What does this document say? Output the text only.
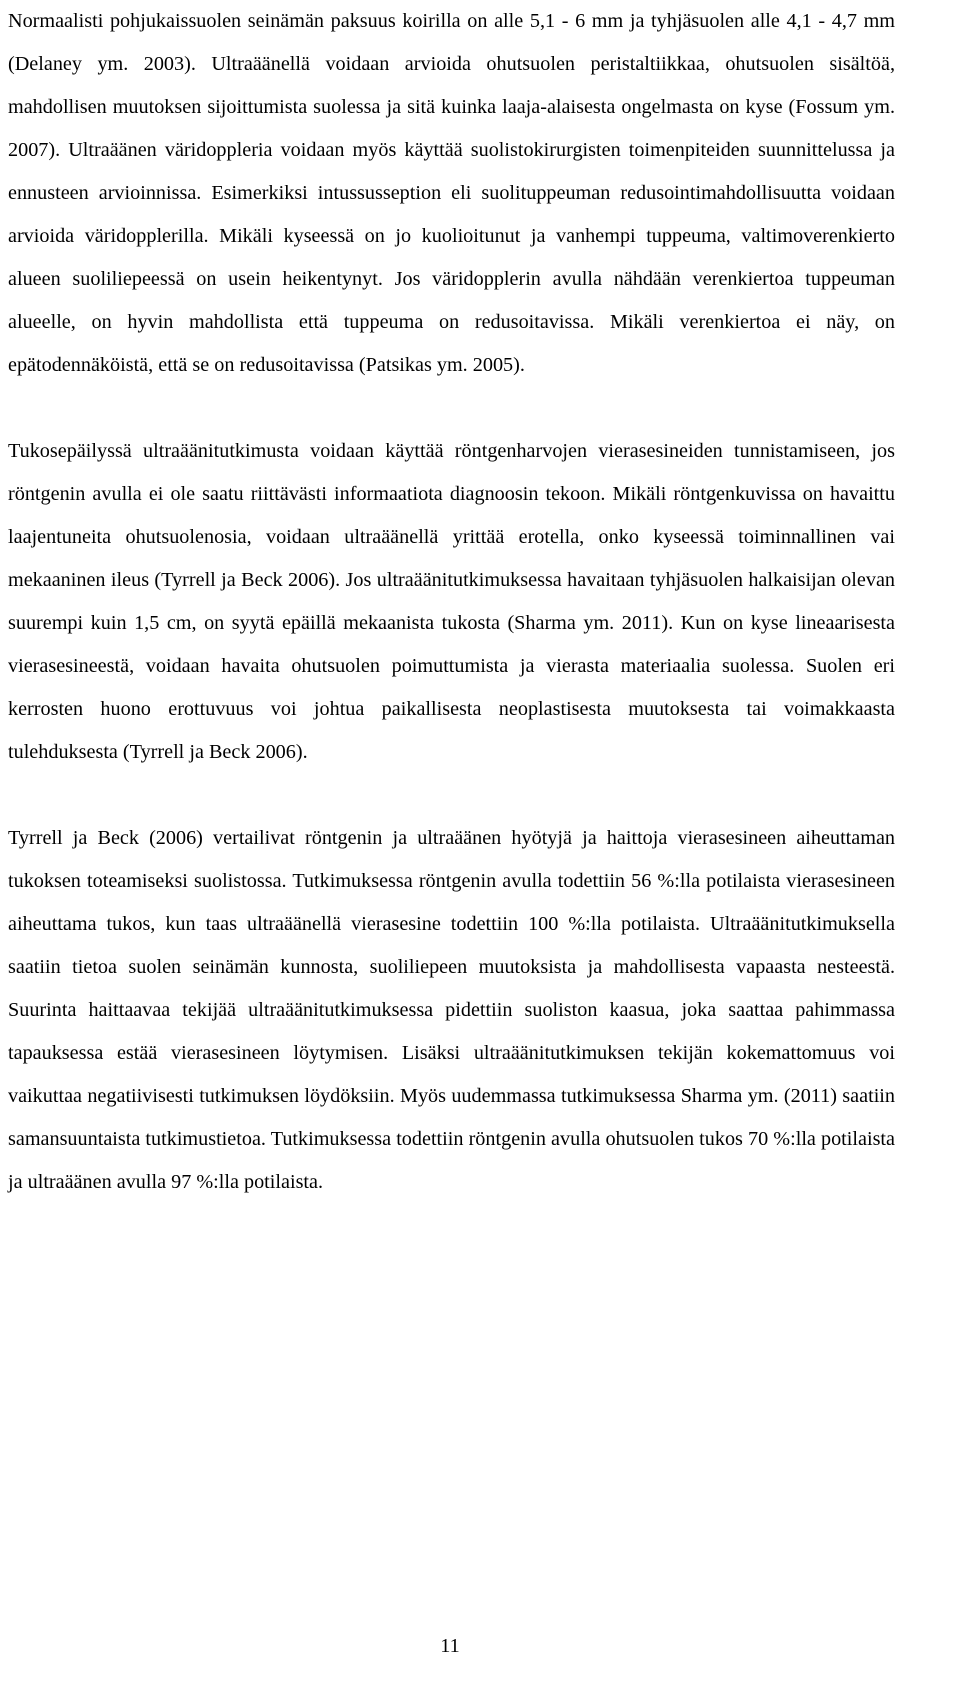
Normaalisti pohjukaissuolen seinämän paksuus koirilla on alle 5,1 - 6 mm ja tyhjäsuolen alle 4,1 - 4,7 mm (Delaney ym. 2003). Ultraäänellä voidaan arvioida ohutsuolen peristaltiikkaa, ohutsuolen sisältöä, mahdollisen muutoksen sijoittumista suolessa ja sitä kuinka laaja-alaisesta ongelmasta on kyse (Fossum ym. 2007). Ultraäänen väridoppleria voidaan myös käyttää suolistokirurgisten toimenpiteiden suunnittelussa ja ennusteen arvioinnissa. Esimerkiksi intussusseption eli suolituppeuman redusointimahdollisuutta voidaan arvioida väridopplerilla. Mikäli kyseessä on jo kuolioitunut ja vanhempi tuppeuma, valtimoverenkierto alueen suoliliepeessä on usein heikentynyt. Jos väridopplerin avulla nähdään verenkiertoa tuppeuman alueelle, on hyvin mahdollista että tuppeuma on redusoitavissa. Mikäli verenkiertoa ei näy, on epätodennäköistä, että se on redusoitavissa (Patsikas ym. 2005).

Tukosepäilyssä ultraäänitutkimusta voidaan käyttää röntgenharvojen vierasesineiden tunnistamiseen, jos röntgenin avulla ei ole saatu riittävästi informaatiota diagnoosin tekoon. Mikäli röntgenkuvissa on havaittu laajentuneita ohutsuolenosia, voidaan ultraäänellä yrittää erotella, onko kyseessä toiminnallinen vai mekaaninen ileus (Tyrrell ja Beck 2006). Jos ultraäänitutkimuksessa havaitaan tyhjäsuolen halkaisijan olevan suurempi kuin 1,5 cm, on syytä epäillä mekaanista tukosta (Sharma ym. 2011). Kun on kyse lineaarisesta vierasesineestä, voidaan havaita ohutsuolen poimuttumista ja vierasta materiaalia suolessa. Suolen eri kerrosten huono erottuvuus voi johtua paikallisesta neoplastisesta muutoksesta tai voimakkaasta tulehduksesta (Tyrrell ja Beck 2006).

Tyrrell ja Beck (2006) vertailivat röntgenin ja ultraäänen hyötyjä ja haittoja vierasesineen aiheuttaman tukoksen toteamiseksi suolistossa. Tutkimuksessa röntgenin avulla todettiin 56 %:lla potilaista vierasesineen aiheuttama tukos, kun taas ultraäänellä vierasesine todettiin 100 %:lla potilaista. Ultraäänitutkimuksella saatiin tietoa suolen seinämän kunnosta, suoliliepeen muutoksista ja mahdollisesta vapaasta nesteestä. Suurinta haittaavaa tekijää ultraäänitutkimuksessa pidettiin suoliston kaasua, joka saattaa pahimmassa tapauksessa estää vierasesineen löytymisen. Lisäksi ultraäänitutkimuksen tekijän kokemattomuus voi vaikuttaa negatiivisesti tutkimuksen löydöksiin. Myös uudemmassa tutkimuksessa Sharma ym. (2011) saatiin samansuuntaista tutkimustietoa. Tutkimuksessa todettiin röntgenin avulla ohutsuolen tukos 70 %:lla potilaista ja ultraäänen avulla 97 %:lla potilaista.

11
